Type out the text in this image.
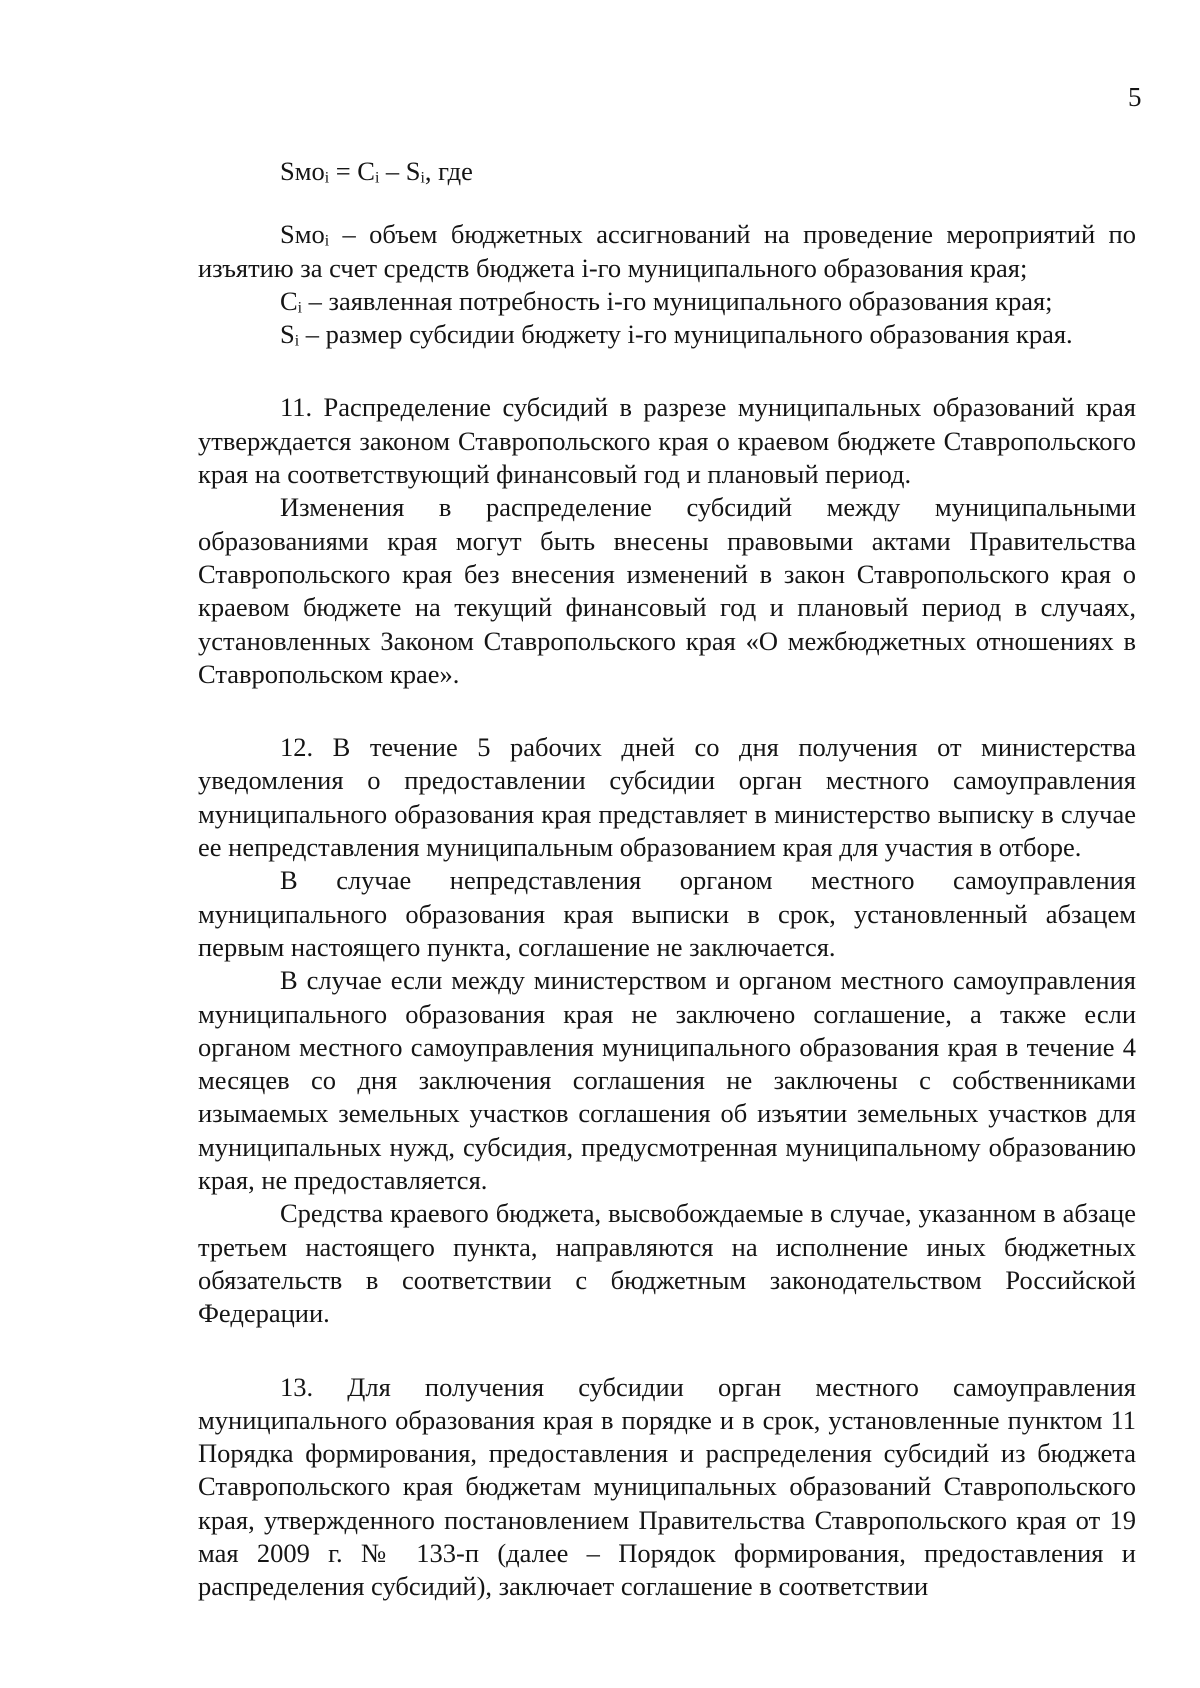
5

Sмoᵢ = Cᵢ – Sᵢ, где

Sмoᵢ – объем бюджетных ассигнований на проведение мероприятий по изъятию за счет средств бюджета i-го муниципального образования края;

Cᵢ – заявленная потребность i-го муниципального образования края;

Sᵢ – размер субсидии бюджету i-го муниципального образования края.

11. Распределение субсидий в разрезе муниципальных образований края утверждается законом Ставропольского края о краевом бюджете Ставропольского края на соответствующий финансовый год и плановый период.

Изменения в распределение субсидий между муниципальными образованиями края могут быть внесены правовыми актами Правительства Ставропольского края без внесения изменений в закон Ставропольского края о краевом бюджете на текущий финансовый год и плановый период в случаях, установленных Законом Ставропольского края «О межбюджетных отношениях в Ставропольском крае».

12. В течение 5 рабочих дней со дня получения от министерства уведомления о предоставлении субсидии орган местного самоуправления муниципального образования края представляет в министерство выписку в случае ее непредставления муниципальным образованием края для участия в отборе.

В случае непредставления органом местного самоуправления муниципального образования края выписки в срок, установленный абзацем первым настоящего пункта, соглашение не заключается.

В случае если между министерством и органом местного самоуправления муниципального образования края не заключено соглашение, а также если органом местного самоуправления муниципального образования края в течение 4 месяцев со дня заключения соглашения не заключены с собственниками изымаемых земельных участков соглашения об изъятии земельных участков для муниципальных нужд, субсидия, предусмотренная муниципальному образованию края, не предоставляется.

Средства краевого бюджета, высвобождаемые в случае, указанном в абзаце третьем настоящего пункта, направляются на исполнение иных бюджетных обязательств в соответствии с бюджетным законодательством Российской Федерации.

13. Для получения субсидии орган местного самоуправления муниципального образования края в порядке и в срок, установленные пунктом 11 Порядка формирования, предоставления и распределения субсидий из бюджета Ставропольского края бюджетам муниципальных образований Ставропольского края, утвержденного постановлением Правительства Ставропольского края от 19 мая 2009 г. № 133-п (далее – Порядок формирования, предоставления и распределения субсидий), заключает соглашение в соответствии
